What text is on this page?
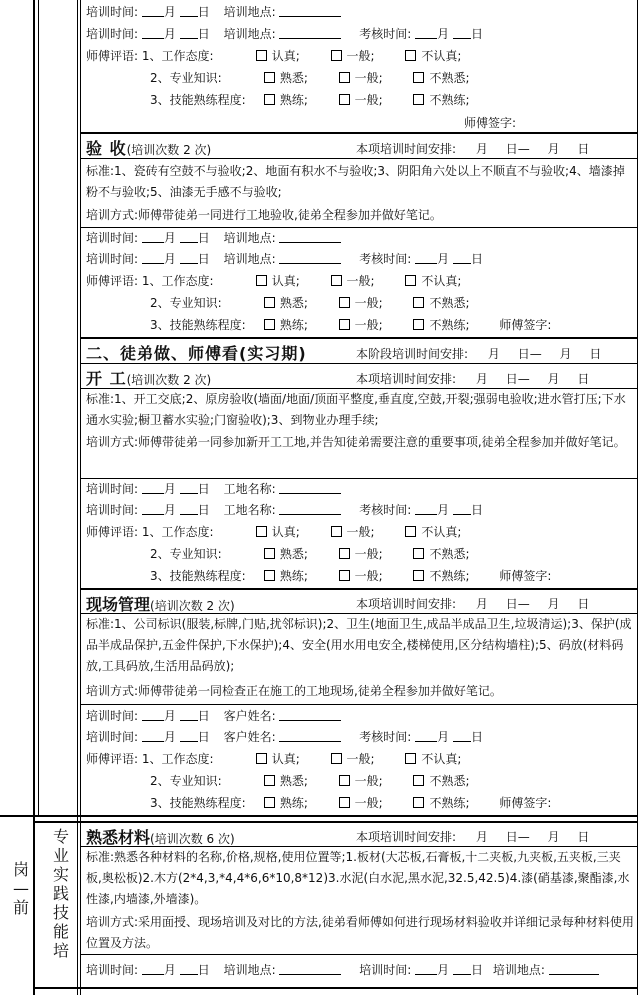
培训时间: 月 日 培训地点:
培训时间: 月 日 培训地点:	考核时间: 月 日
师傅评语: 1、工作态度:	认真;	一般;	不认真;
2、专业知识:	熟悉;	一般;	不熟悉;
3、技能熟练程度:	熟练;	一般;	不熟练;
师傅签字:
验 收(培训次数 2 次)	本项培训时间安排: 月 日— 月 日
标准:1、瓷砖有空鼓不与验收;2、地面有积水不与验收;3、阴阳角六处以上不顺直不与验收;4、墙漆掉粉不与验收;5、油漆无手感不与验收;
培训方式:师傅带徒弟一同进行工地验收,徒弟全程参加并做好笔记。
培训时间: 月 日 培训地点:
培训时间: 月 日 培训地点:	考核时间: 月 日
师傅评语: 1、工作态度:	认真;	一般;	不认真;
2、专业知识:	熟悉;	一般;	不熟悉;
3、技能熟练程度:	熟练;	一般;	不熟练; 师傅签字:
二、徒弟做、师傅看(实习期)	本阶段培训时间安排: 月 日— 月 日
开 工(培训次数 2 次)	本项培训时间安排: 月 日— 月 日
标准:1、开工交底;2、原房验收(墙面/地面/顶面平整度,垂直度,空鼓,开裂;强弱电验收;进水管打压;下水通水实验;橱卫蓄水实验;门窗验收);3、到物业办理手续;
培训方式:师傅带徒弟一同参加新开工工地,并告知徒弟需要注意的重要事项,徒弟全程参加并做好笔记。
培训时间: 月 日 工地名称:
培训时间: 月 日 工地名称:	考核时间: 月 日
师傅评语: 1、工作态度:	认真;	一般;	不认真;
2、专业知识:	熟悉;	一般;	不熟悉;
3、技能熟练程度:	熟练;	一般;	不熟练; 师傅签字:
现场管理(培训次数 2 次)	本项培训时间安排: 月 日— 月 日
标准:1、公司标识(服装,标牌,门贴,扰邻标识);2、卫生(地面卫生,成品半成品卫生,垃圾清运);3、保护(成品半成品保护,五金件保护,下水保护);4、安全(用水用电安全,楼梯使用,区分结构墙柱);5、码放(材料码放,工具码放,生活用品码放);
培训方式:师傅带徒弟一同检查正在施工的工地现场,徒弟全程参加并做好笔记。
培训时间: 月 日 客户姓名:
培训时间: 月 日 客户姓名:	考核时间: 月 日
师傅评语: 1、工作态度:	认真;	一般;	不认真;
2、专业知识:	熟悉;	一般;	不熟悉;
3、技能熟练程度:	熟练;	一般;	不熟练; 师傅签字:
岗—前
专业实践技能培
熟悉材料(培训次数 6 次)	本项培训时间安排: 月 日— 月 日
标准:熟悉各种材料的名称,价格,规格,使用位置等;1.板材(大芯板,石膏板,十二夹板,九夹板,五夹板,三夹板,奥松板)2.木方(2*4,3,*4,4*6,6*10,8*12)3.水泥(白水泥,黑水泥,32.5,42.5)4.漆(硝基漆,聚酯漆,水性漆,内墙漆,外墙漆)。
培训方式:采用面授、现场培训及对比的方法,徒弟看师傅如何进行现场材料验收并详细记录每种材料使用位置及方法。
培训时间: 月 日 培训地点:	培训时间: 月 日 培训地点:
